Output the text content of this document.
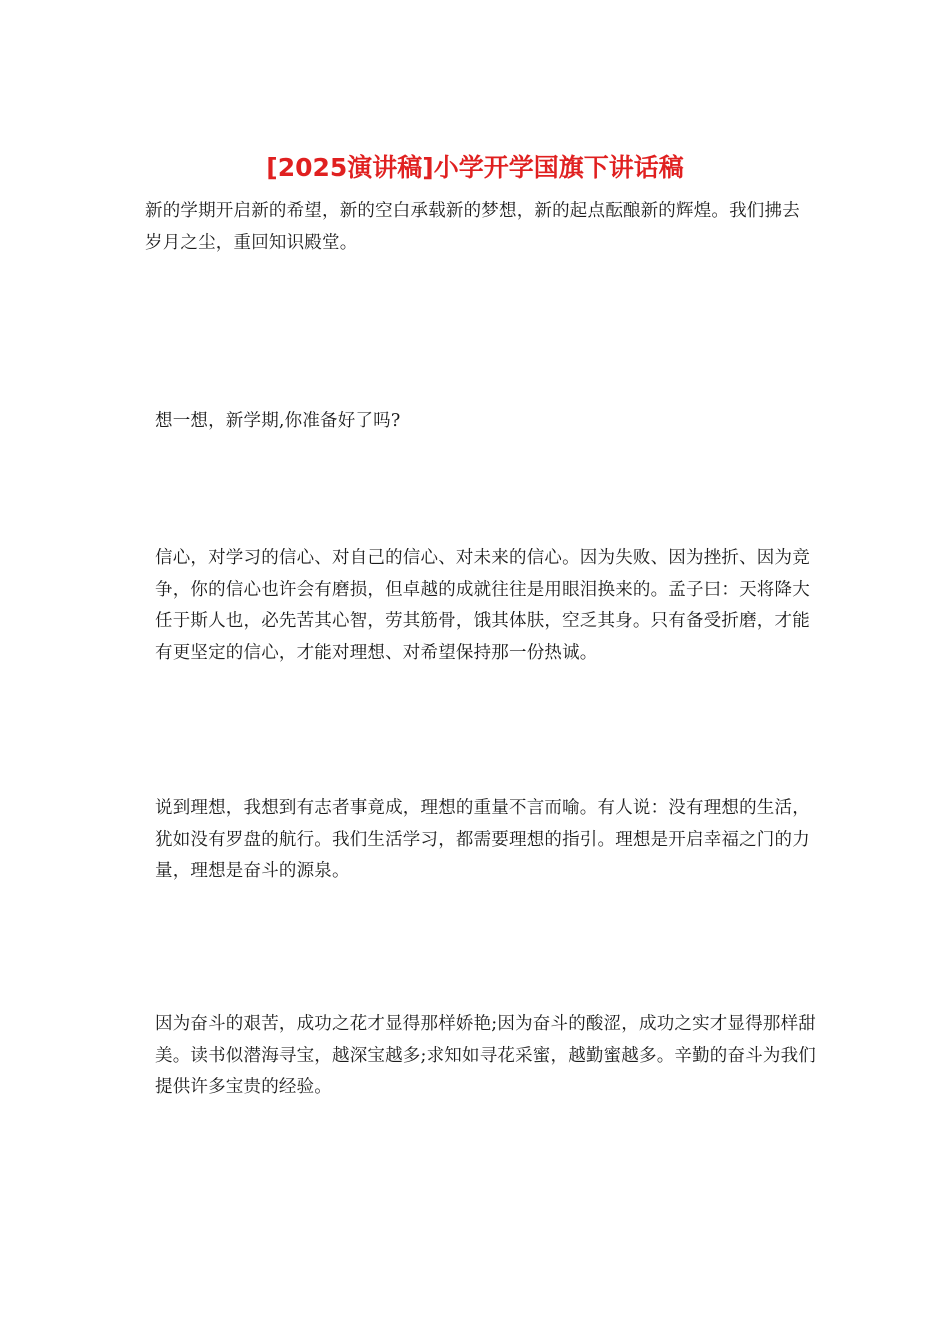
[2025演讲稿]小学开学国旗下讲话稿

新的学期开启新的希望，新的空白承载新的梦想，新的起点酝酿新的辉煌。我们拂去岁月之尘，重回知识殿堂。

想一想，新学期,你准备好了吗?

信心，对学习的信心、对自己的信心、对未来的信心。因为失败、因为挫折、因为竞争，你的信心也许会有磨损，但卓越的成就往往是用眼泪换来的。孟子曰：天将降大任于斯人也，必先苦其心智，劳其筋骨，饿其体肤，空乏其身。只有备受折磨，才能有更坚定的信心，才能对理想、对希望保持那一份热诚。

说到理想，我想到有志者事竟成，理想的重量不言而喻。有人说：没有理想的生活，犹如没有罗盘的航行。我们生活学习，都需要理想的指引。理想是开启幸福之门的力量，理想是奋斗的源泉。

因为奋斗的艰苦，成功之花才显得那样娇艳;因为奋斗的酸涩，成功之实才显得那样甜美。读书似潜海寻宝，越深宝越多;求知如寻花采蜜，越勤蜜越多。辛勤的奋斗为我们提供许多宝贵的经验。
